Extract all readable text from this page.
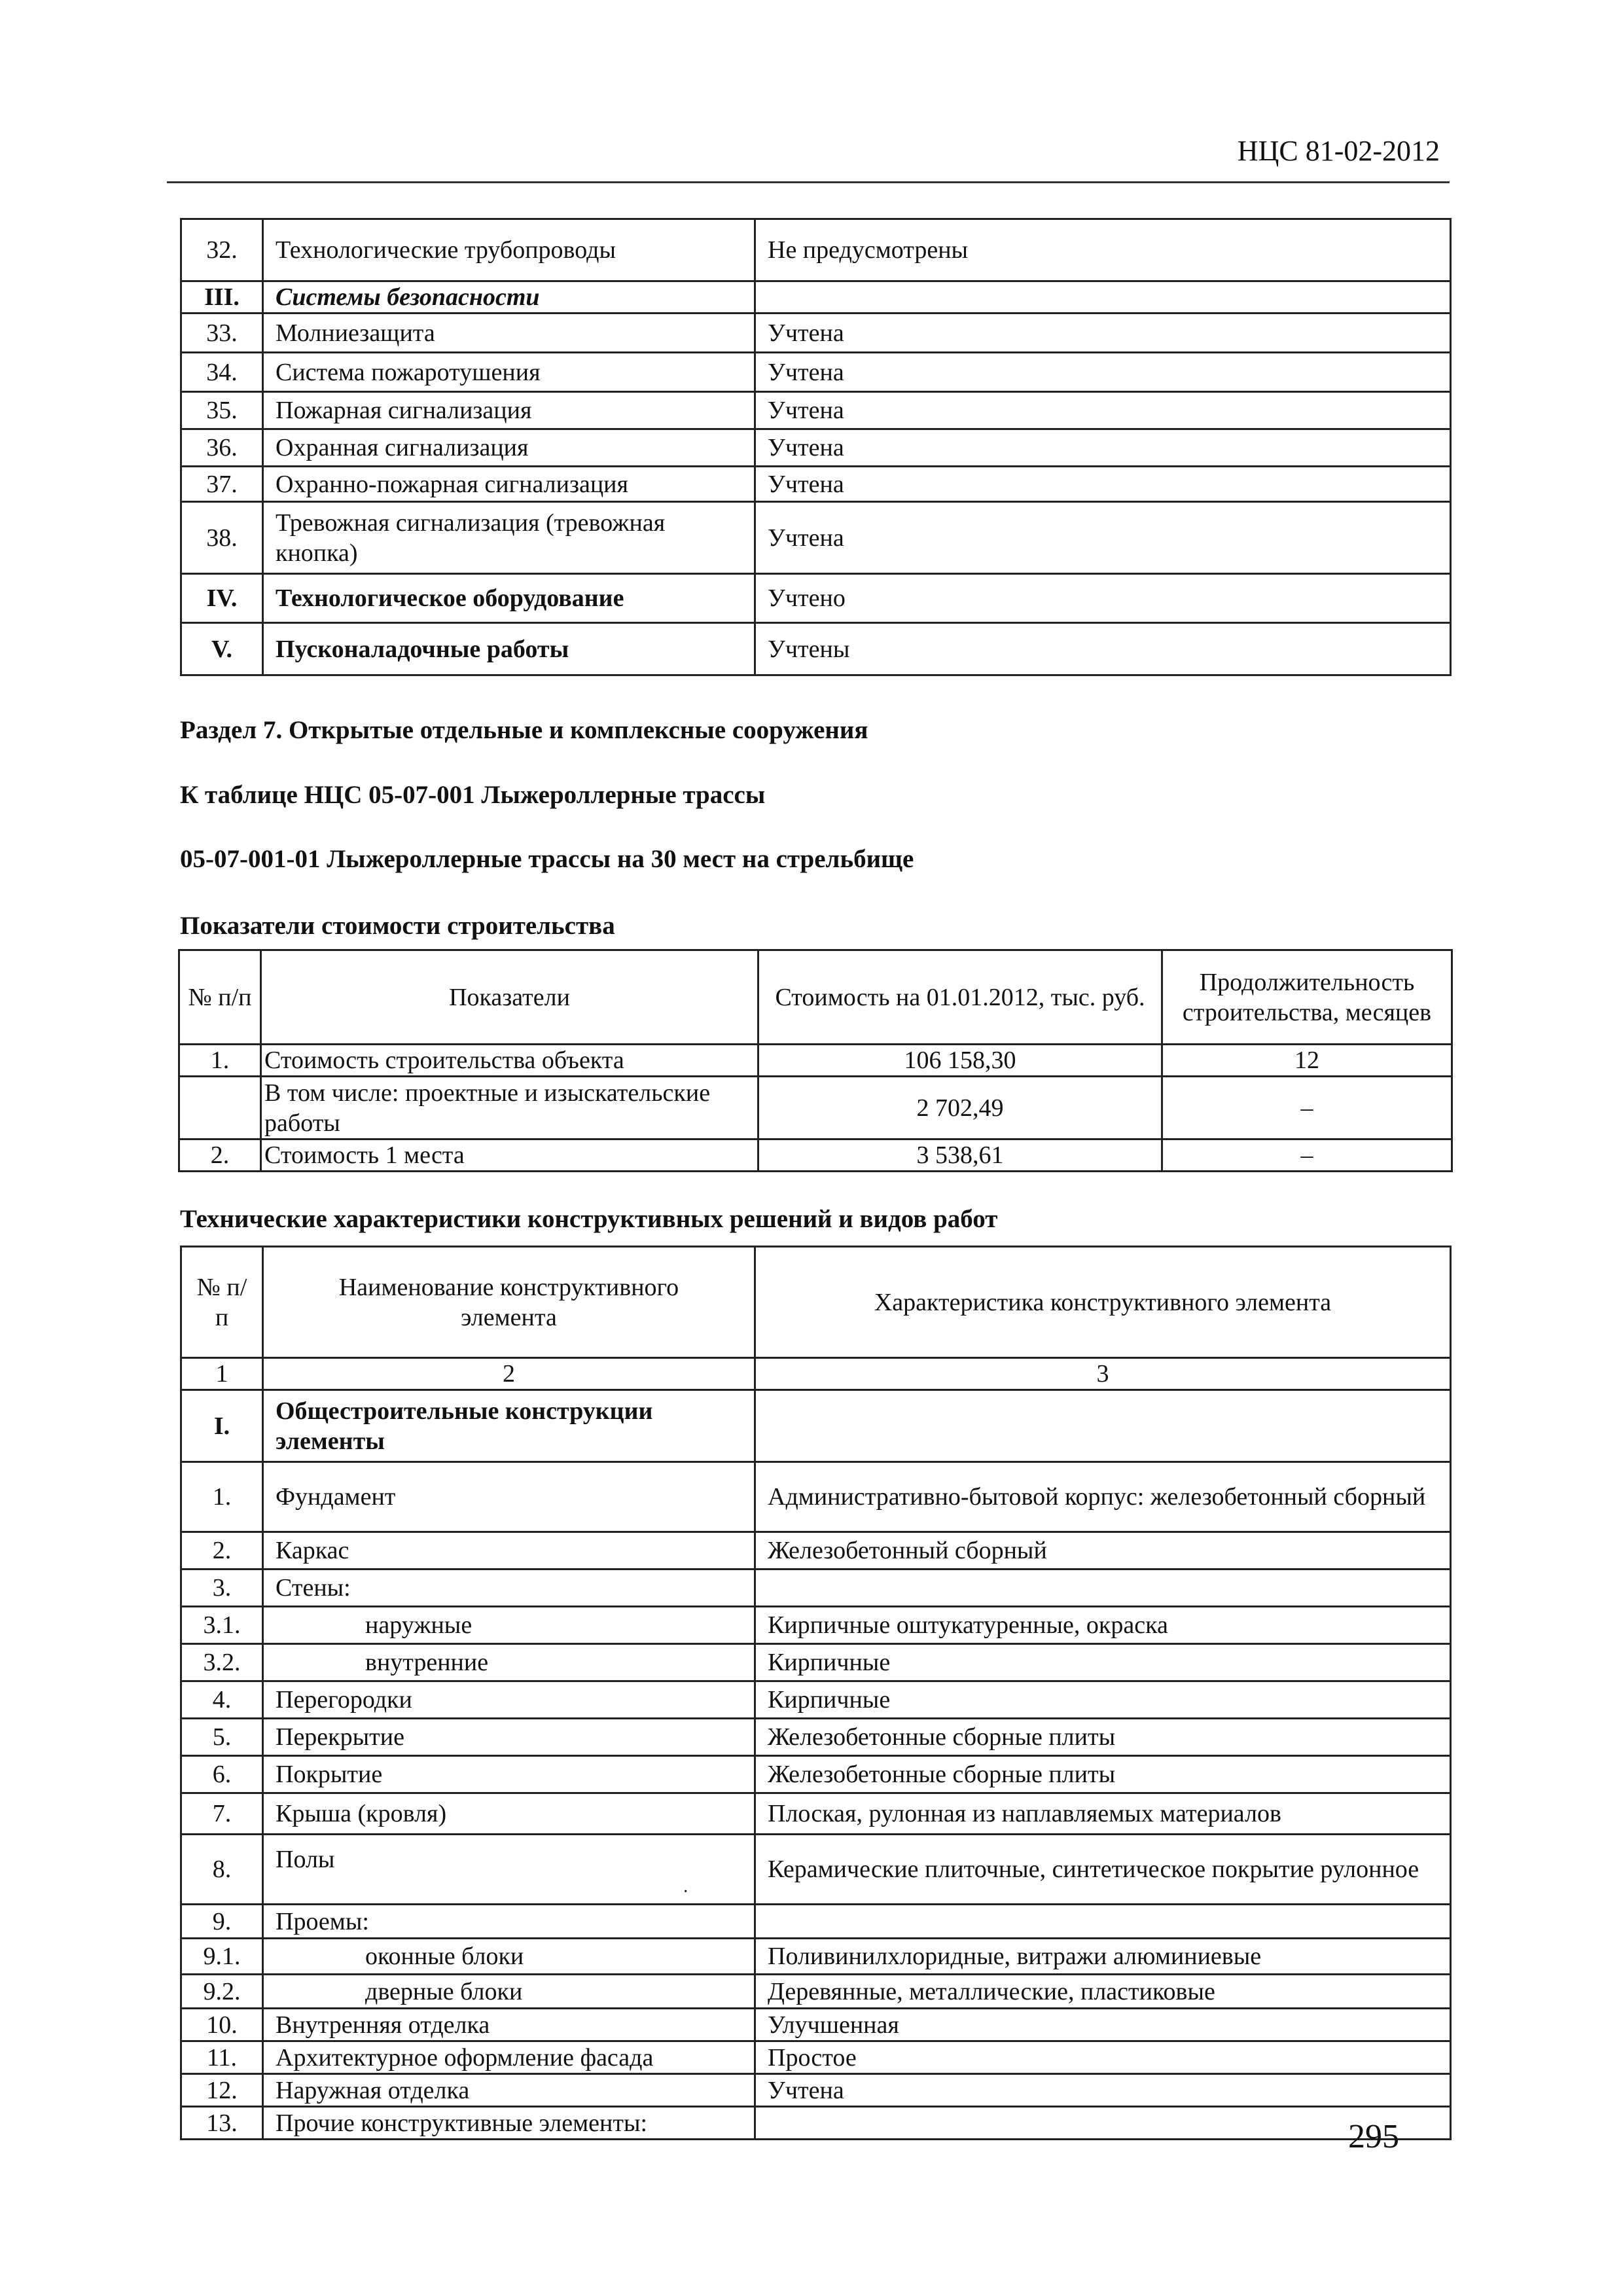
НЦС 81-02-2012
32.	Технологические трубопроводы	Не предусмотрены
III.	Системы безопасности	
33.	Молниезащита	Учтена
34.	Система пожаротушения	Учтена
35.	Пожарная сигнализация	Учтена
36.	Охранная сигнализация	Учтена
37.	Охранно-пожарная сигнализация	Учтена
38.	Тревожная сигнализация (тревожная кнопка)	Учтена
IV.	Технологическое оборудование	Учтено
V.	Пусконаладочные работы	Учтены
Раздел 7. Открытые отдельные и комплексные сооружения
К таблице НЦС 05-07-001 Лыжероллерные трассы
05-07-001-01 Лыжероллерные трассы на 30 мест на стрельбище
Показатели стоимости строительства
№ п/п	Показатели	Стоимость на 01.01.2012, тыс. руб.	Продолжительность строительства, месяцев
1.	Стоимость строительства объекта	106 158,30	12
	В том числе: проектные и изыскательские работы	2 702,49	–
2.	Стоимость 1 места	3 538,61	–
Технические характеристики конструктивных решений и видов работ
№ п/п	Наименование конструктивного элемента	Характеристика конструктивного элемента
1	2	3
I.	Общестроительные конструкции элементы	
1.	Фундамент	Административно-бытовой корпус: железобетонный сборный
2.	Каркас	Железобетонный сборный
3.	Стены:	
3.1.	наружные	Кирпичные оштукатуренные, окраска
3.2.	внутренние	Кирпичные
4.	Перегородки	Кирпичные
5.	Перекрытие	Железобетонные сборные плиты
6.	Покрытие	Железобетонные сборные плиты
7.	Крыша (кровля)	Плоская, рулонная из наплавляемых материалов
8.	Полы	Керамические плиточные, синтетическое покрытие рулонное
9.	Проемы:	
9.1.	оконные блоки	Поливинилхлоридные, витражи алюминиевые
9.2.	дверные блоки	Деревянные, металлические, пластиковые
10.	Внутренняя отделка	Улучшенная
11.	Архитектурное оформление фасада	Простое
12.	Наружная отделка	Учтена
13.	Прочие конструктивные элементы:	
·
295
